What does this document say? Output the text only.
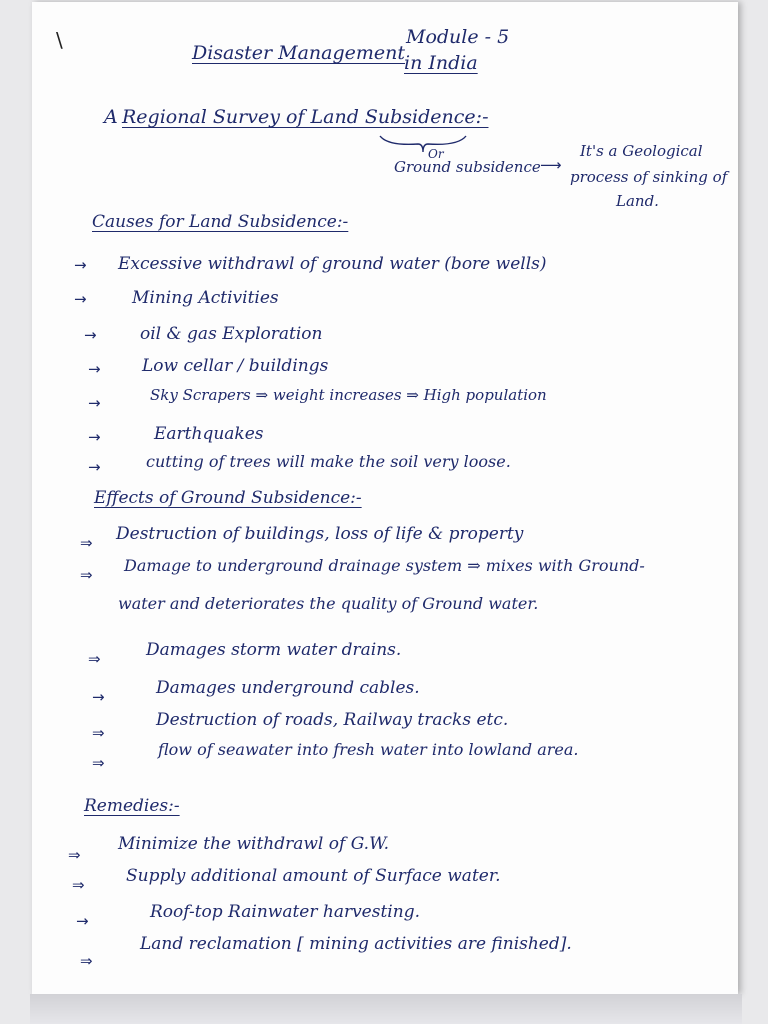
\
Disaster Management
Module - 5
in India
A Regional Survey of Land Subsidence:-
Or
Ground subsidence ⟶
It's a Geological
process of sinking of
Land.
Causes for Land Subsidence:-
→ Excessive withdrawl of ground water (bore wells)
→	Mining Activities
→	oil & gas Exploration
→ Low cellar / buildings
→	Sky Scrapers ⇒ weight increases ⇒ High population
→	Earthquakes
→	cutting of trees will make the soil very loose.
Effects of Ground Subsidence:-
⇒ Destruction of buildings, loss of life & property
⇒ Damage to underground drainage system ⇒ mixes with Ground-
water and deteriorates the quality of Ground water.
⇒	Damages storm water drains.
→	Damages underground cables.
⇒
Destruction of roads, Railway tracks etc.
⇒
flow of seawater into fresh water into lowland area.
Remedies:-
⇒
Minimize the withdrawl of G.W.
⇒ Supply additional amount of Surface water.
→	Roof-top Rainwater harvesting.
⇒
Land reclamation [ mining activities are finished].
